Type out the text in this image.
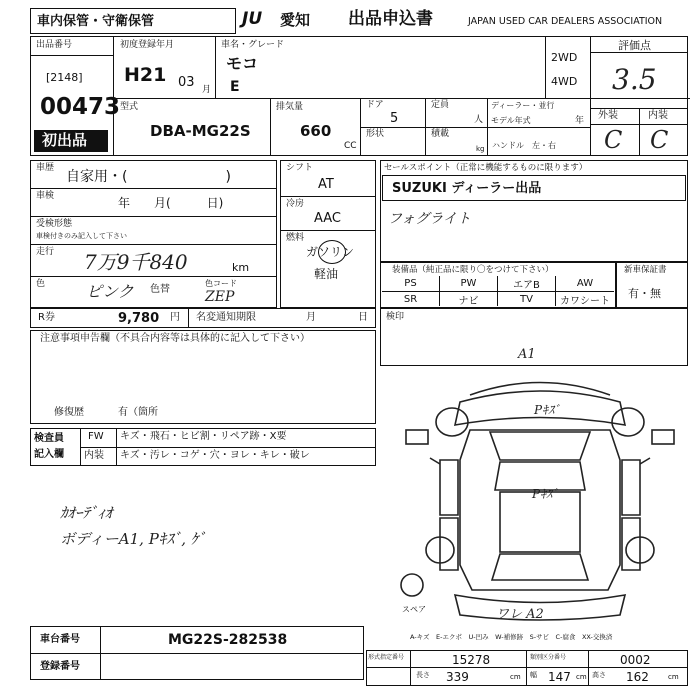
車内保管・守衛保管	JU 愛知 出品申込書	JAPAN USED CAR DEALERS ASSOCIATION
出品番号
[2148]
00473
初出品
初度登録年月
H21 03 月
車名・グレード
モコ
E
2WD
4WD
評価点
3.5
外装	内装
C C
型式
DBA-MG22S
排気量
660
CC
ドア
5
定員
人
ディーラー・並行
モデル年式	年
形状	積載
kg ハンドル　左・右
車歴
自家用・(　　　　　　　)
車検	年　　月(　　　日)
受検形態
車検付きのみ記入して下さい
走行 7万9千840	km
色	ピンク 色替
色コード
ZEP
シフト
AT
冷房
AAC
燃料
ガソリン
軽油
セールスポイント（正常に機能するものに限ります）
SUZUKI ディーラー出品
フォグライト
装備品（純正品に限り〇をつけて下さい）
PS	PW	エアB	AW
SR	ナビ	TV	カワシート
新車保証書
有・無
R券	9,780 円 名変通知期限	月	日 検印
注意事項申告欄（不具合内容等は具体的に記入して下さい）
修復歴	有（箇所
検査員
記入欄
FW キズ・飛石・ヒビ割・リペア跡・X要
内装 キズ・汚レ・コゲ・穴・ヨレ・キレ・破レ
ｶｵｰﾃﾞｨｵ
ボディーA1, Pｷｽﾞ, ｹﾞ
A1
Pｷｽﾞ
Pｷｽﾞ
スペア	ワレ A2
A-キズ　E-エクボ　U-凹み　W-補修跡　S-サビ　C-腐食　XX-交換済
車台番号	MG22S-282538
登録番号
形式指定番号	15278	類別区分番号	0002
長さ 339	cm 幅 147 cm 高さ 162	cm
